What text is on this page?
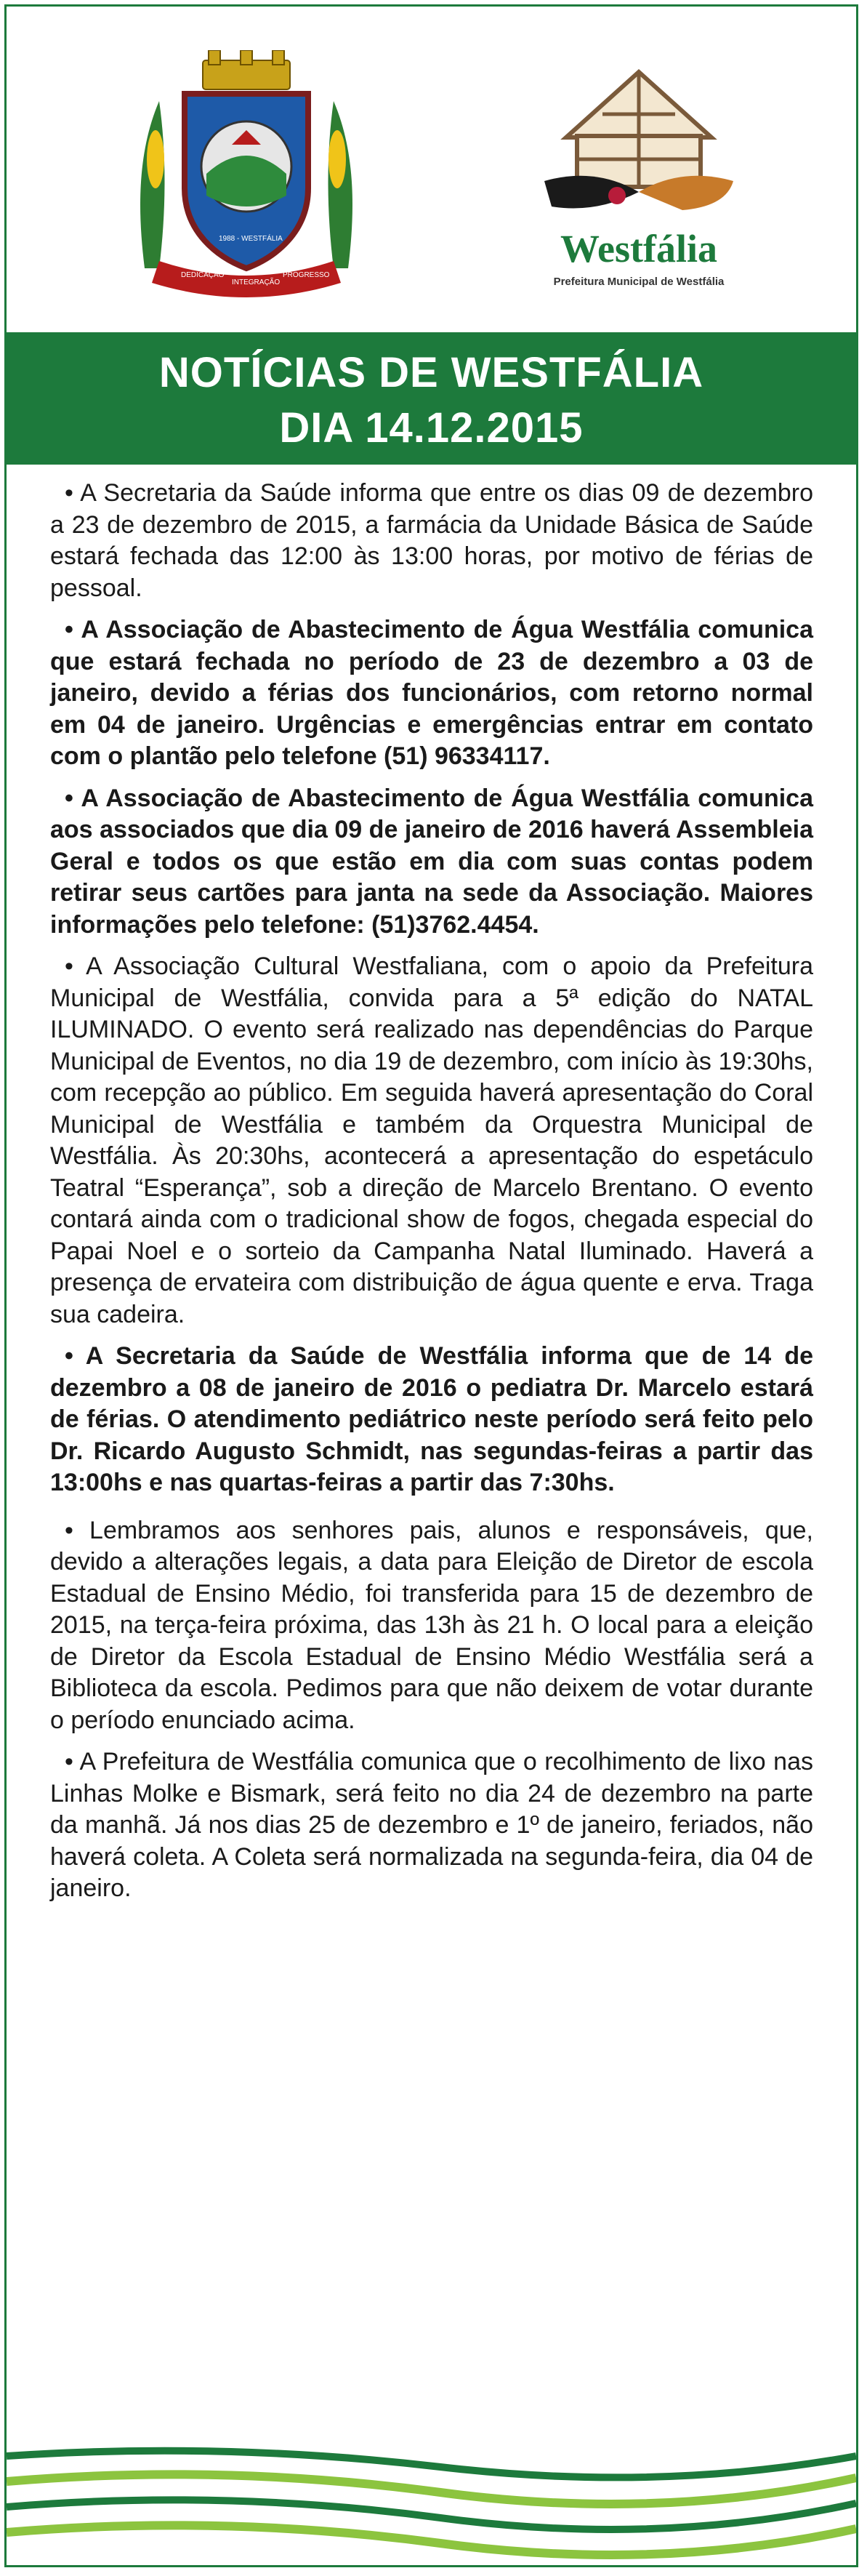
DEDICAÇÃO
INTEGRAÇÃO
PROGRESSO
1988 - WESTFÁLIA	Westfália
Prefeitura Municipal de Westfália
NOTÍCIAS DE WESTFÁLIA
DIA 14.12.2015

• A Secretaria da Saúde informa que entre os dias 09 de dezembro a 23 de dezembro de 2015, a farmácia da Unidade Básica de Saúde estará fechada das 12:00 às 13:00 horas, por motivo de férias de pessoal.

• A Associação de Abastecimento de Água Westfália comunica que estará fechada no período de 23 de dezembro a 03 de janeiro, devido a férias dos funcionários, com retorno normal em 04 de janeiro. Urgências e emergências entrar em contato com o plantão pelo telefone (51) 96334117.

• A Associação de Abastecimento de Água Westfália comunica aos associados que dia 09 de janeiro de 2016 haverá Assembleia Geral e todos os que estão em dia com suas contas podem retirar seus cartões para janta na sede da Associação. Maiores informações pelo telefone: (51)3762.4454.

• A Associação Cultural Westfaliana, com o apoio da Prefeitura Municipal de Westfália, convida para a 5ª edição do NATAL ILUMINADO. O evento será realizado nas dependências do Parque Municipal de Eventos, no dia 19 de dezembro, com início às 19:30hs, com recepção ao público. Em seguida haverá apresentação do Coral Municipal de Westfália e também da Orquestra Municipal de Westfália. Às 20:30hs, acontecerá a apresentação do espetáculo Teatral “Esperança”, sob a direção de Marcelo Brentano. O evento contará ainda com o tradicional show de fogos, chegada especial do Papai Noel e o sorteio da Campanha Natal Iluminado. Haverá a presença de ervateira com distribuição de água quente e erva. Traga sua cadeira.

• A Secretaria da Saúde de Westfália informa que de 14 de dezembro a 08 de janeiro de 2016 o pediatra Dr. Marcelo estará de férias. O atendimento pediátrico neste período será feito pelo Dr. Ricardo Augusto Schmidt, nas segundas-feiras a partir das 13:00hs e nas quartas-feiras a partir das 7:30hs.

• Lembramos aos senhores pais, alunos e responsáveis, que, devido a alterações legais, a data para Eleição de Diretor de escola Estadual de Ensino Médio, foi transferida para 15 de dezembro de 2015, na terça-feira próxima, das 13h às 21 h. O local para a eleição de Diretor da Escola Estadual de Ensino Médio Westfália será a Biblioteca da escola. Pedimos para que não deixem de votar durante o período enunciado acima.

• A Prefeitura de Westfália comunica que o recolhimento de lixo nas Linhas Molke e Bismark, será feito no dia 24 de dezembro na parte da manhã. Já nos dias 25 de dezembro e 1º de janeiro, feriados, não haverá coleta. A Coleta será normalizada na segunda-feira, dia 04 de janeiro.
